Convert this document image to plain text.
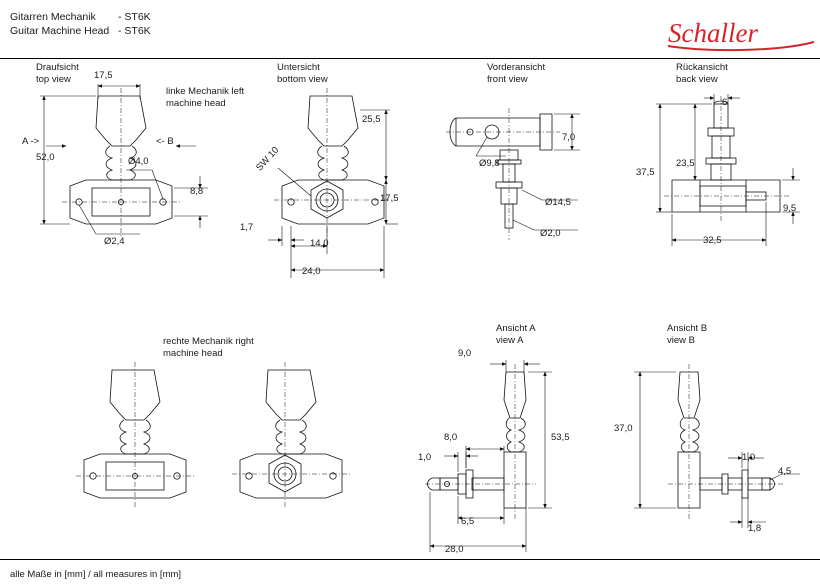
Gitarren Mechanik	- ST6K
Guitar Machine Head - ST6K	Schaller
alle Maße in [mm] / all measures in [mm]
Draufsicht
top view
Untersicht
bottom view
Vorderansicht
front view
Rückansicht
back view
Ansicht A
view A
Ansicht B
view B
linke Mechanik left machine head
rechte Mechanik right machine head
17,5
52,0	Ø4,0
8,8
Ø2,4
A ->	<- B
25,5
SW 10
17,5
1,7
14,0
24,0
7,0
Ø9,8
Ø14,5
Ø2,0
6
23,5
37,5
9,5
32,5
9,0
8,0	53,5
1,0
6,5
28,0
37,0
1,0
4,5
1,8
